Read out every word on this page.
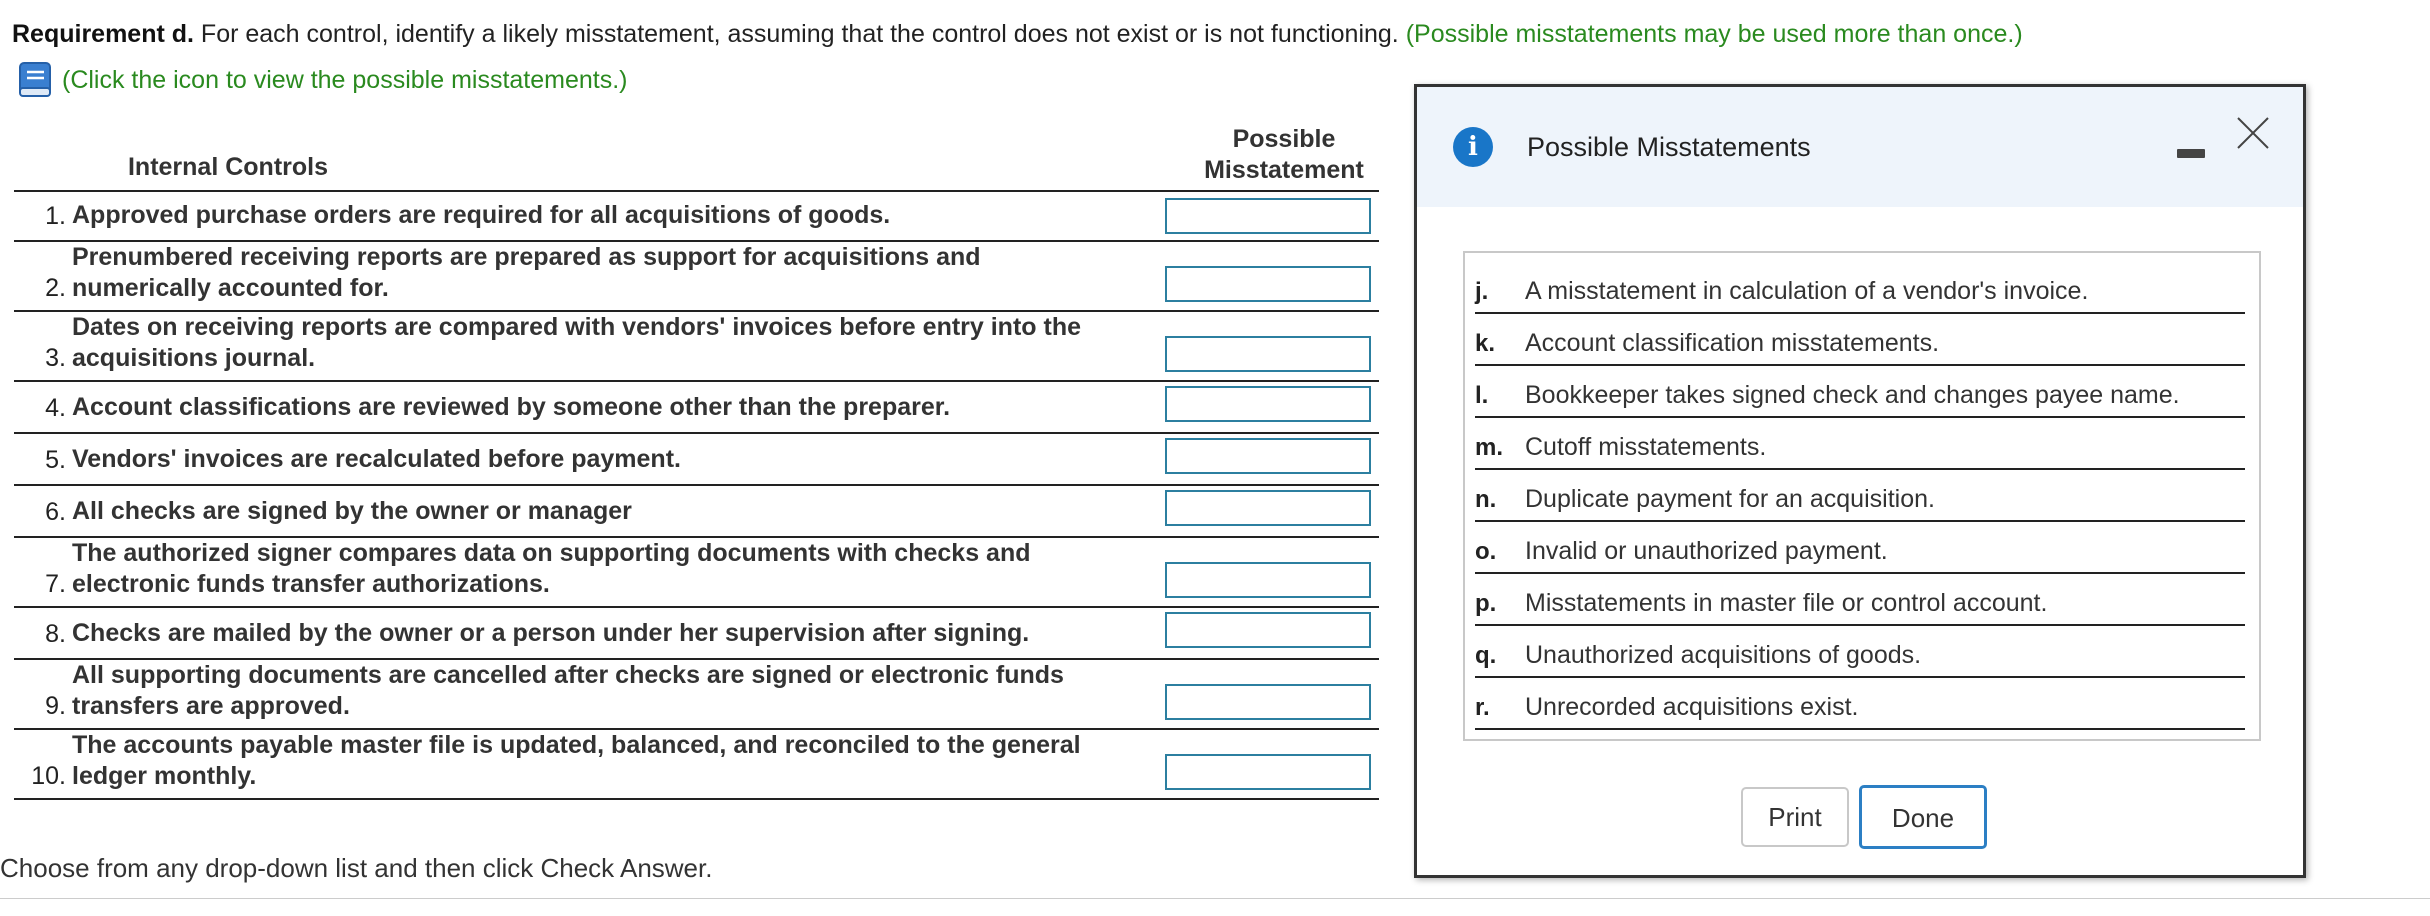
Requirement d. For each control, identify a likely misstatement, assuming that the control does not exist or is not functioning. (Possible misstatements may be used more than once.)
(Click the icon to view the possible misstatements.)
Internal Controls
Possible
Misstatement
1. Approved purchase orders are required for all acquisitions of goods.
2.
Prenumbered receiving reports are prepared as support for acquisitions and
numerically accounted for.
3.
Dates on receiving reports are compared with vendors' invoices before entry into the
acquisitions journal.
4. Account classifications are reviewed by someone other than the preparer.
5. Vendors' invoices are recalculated before payment.
6. All checks are signed by the owner or manager
7.
The authorized signer compares data on supporting documents with checks and
electronic funds transfer authorizations.
8. Checks are mailed by the owner or a person under her supervision after signing.
9.
All supporting documents are cancelled after checks are signed or electronic funds
transfers are approved.
10.
The accounts payable master file is updated, balanced, and reconciled to the general
ledger monthly.
Choose from any drop-down list and then click Check Answer.
i	Possible Misstatements
j. A misstatement in calculation of a vendor's invoice.
k. Account classification misstatements.
l. Bookkeeper takes signed check and changes payee name.
m. Cutoff misstatements.
n. Duplicate payment for an acquisition.
o. Invalid or unauthorized payment.
p. Misstatements in master file or control account.
q. Unauthorized acquisitions of goods.
r. Unrecorded acquisitions exist.
Print	Done
